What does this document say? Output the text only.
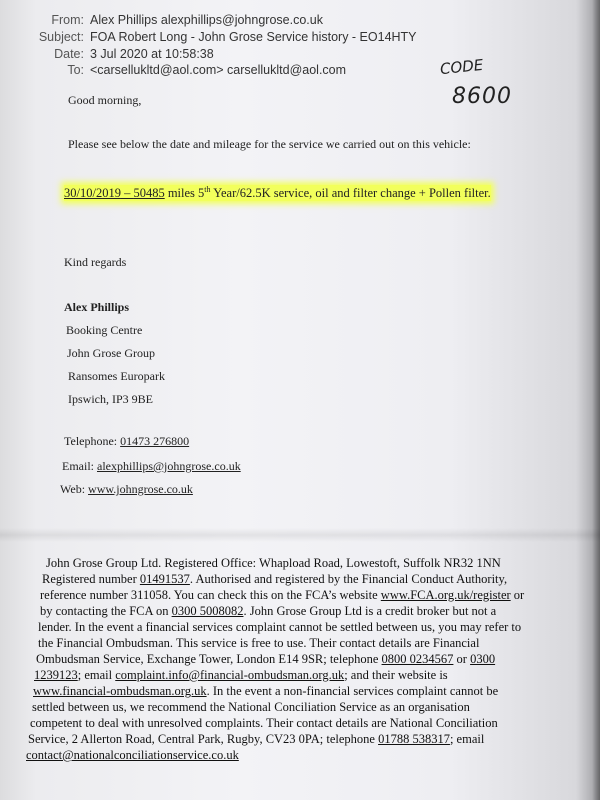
From: Alex Phillips alexphillips@johngrose.co.uk
Subject: FOA Robert Long - John Grose Service history - EO14HTY
Date: 3 Jul 2020 at 10:58:38
To: <carsellukltd@aol.com> carsellukltd@aol.com	CODE
8600
Good morning,
Please see below the date and mileage for the service we carried out on this vehicle:
30/10/2019 – 50485 miles 5th Year/62.5K service, oil and filter change + Pollen filter.
Kind regards
Alex Phillips
Booking Centre
John Grose Group
Ransomes Europark
Ipswich, IP3 9BE
Telephone: 01473 276800
Email: alexphillips@johngrose.co.uk
Web: www.johngrose.co.uk
John Grose Group Ltd. Registered Office: Whapload Road, Lowestoft, Suffolk NR32 1NN
Registered number 01491537. Authorised and registered by the Financial Conduct Authority,
reference number 311058. You can check this on the FCA’s website www.FCA.org.uk/register or
by contacting the FCA on 0300 5008082. John Grose Group Ltd is a credit broker but not a
lender. In the event a financial services complaint cannot be settled between us, you may refer to
the Financial Ombudsman. This service is free to use. Their contact details are Financial
Ombudsman Service, Exchange Tower, London E14 9SR; telephone 0800 0234567 or 0300
1239123; email complaint.info@financial-ombudsman.org.uk; and their website is
www.financial-ombudsman.org.uk. In the event a non-financial services complaint cannot be
settled between us, we recommend the National Conciliation Service as an organisation
competent to deal with unresolved complaints. Their contact details are National Conciliation
Service, 2 Allerton Road, Central Park, Rugby, CV23 0PA; telephone 01788 538317; email
contact@nationalconciliationservice.co.uk
